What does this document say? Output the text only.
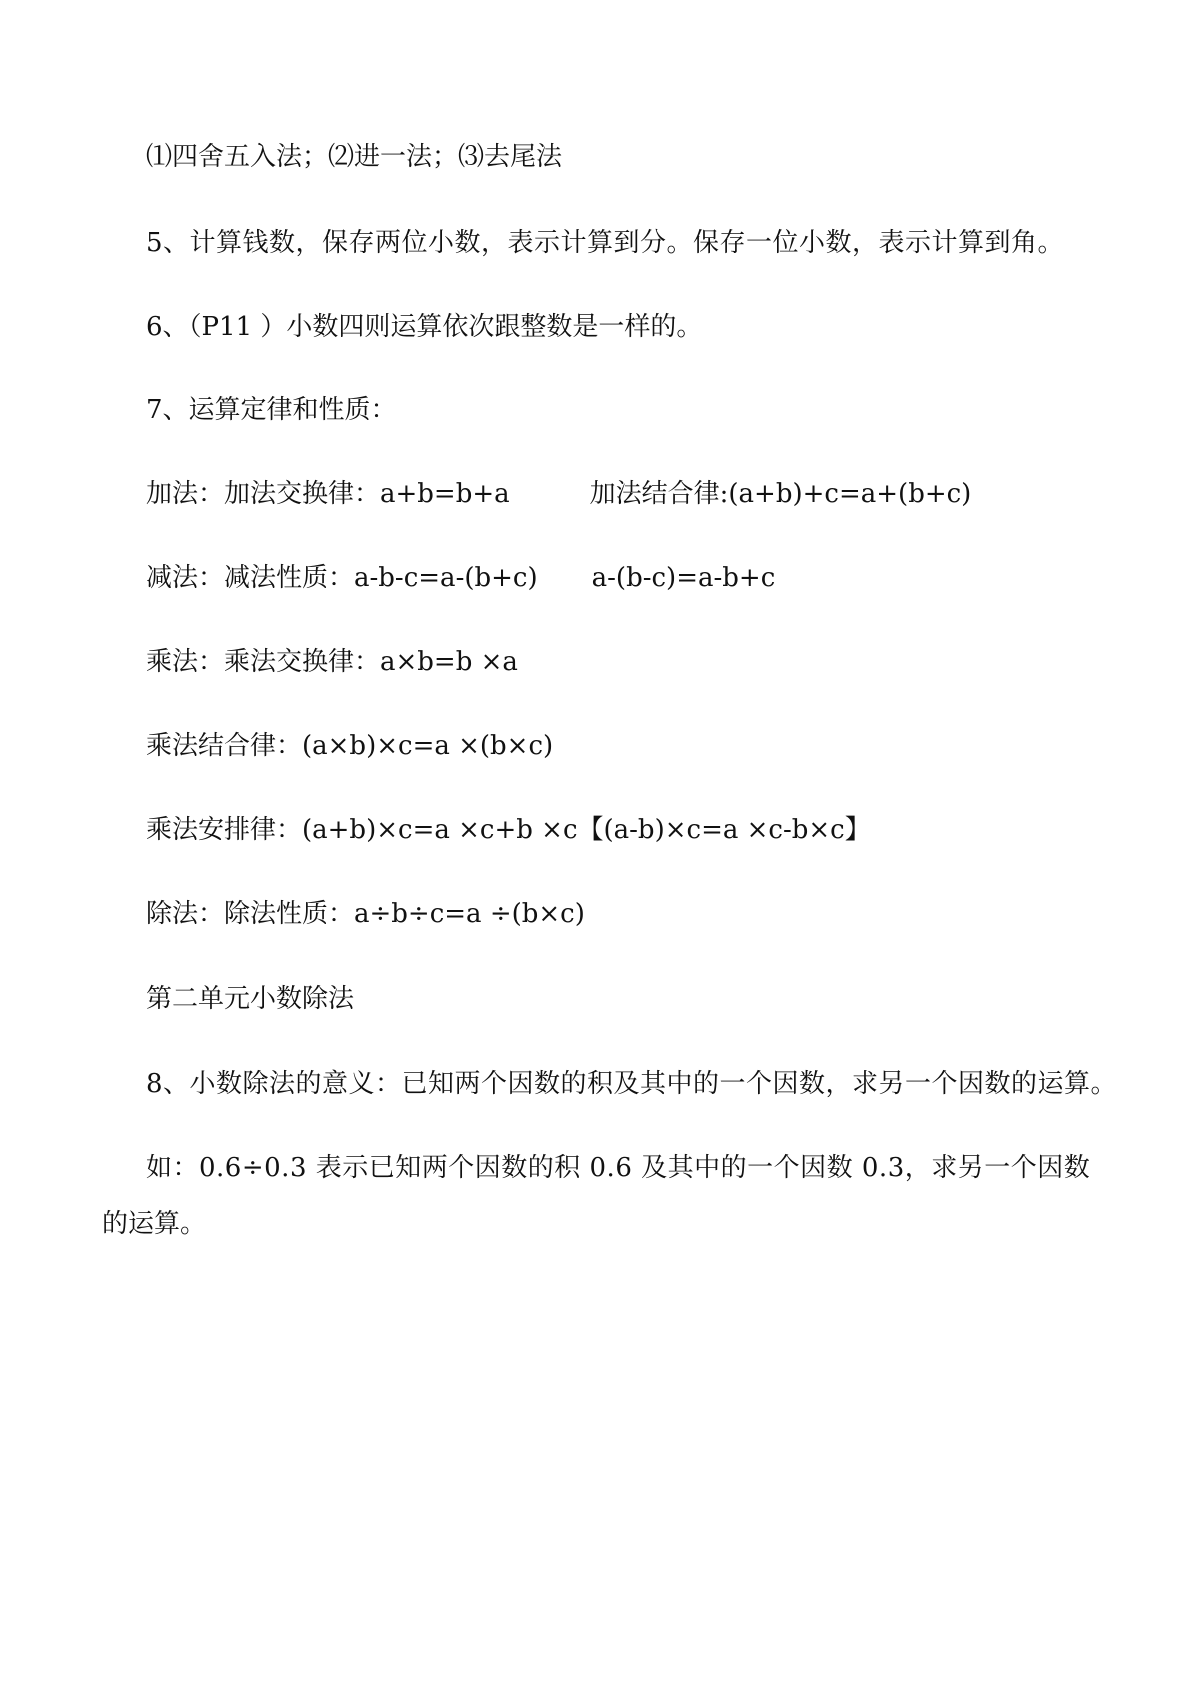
⑴四舍五入法；⑵进一法；⑶去尾法
5、计算钱数，保存两位小数，表示计算到分。保存一位小数，表示计算到角。
6、（P11 ）小数四则运算依次跟整数是一样的。
7、运算定律和性质：
加法：加法交换律：a+b=b+a	加法结合律:(a+b)+c=a+(b+c)
减法：减法性质：a-b-c=a-(b+c) a-(b-c)=a-b+c
乘法：乘法交换律：a×b=b ×a
乘法结合律：(a×b)×c=a ×(b×c)
乘法安排律：(a+b)×c=a ×c+b ×c【(a-b)×c=a ×c-b×c】
除法：除法性质：a÷b÷c=a ÷(b×c)
第二单元小数除法
8、小数除法的意义：已知两个因数的积及其中的一个因数，求另一个因数的运算。
如：0.6÷0.3 表示已知两个因数的积 0.6 及其中的一个因数 0.3，求另一个因数
的运算。
